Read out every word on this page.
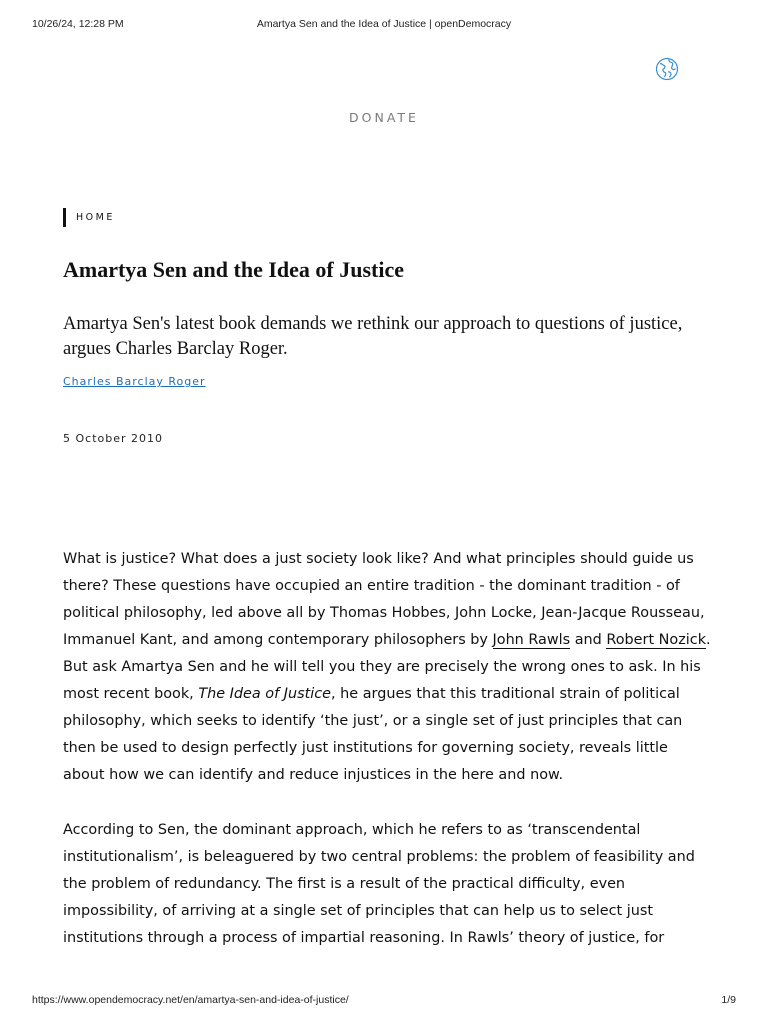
10/26/24, 12:28 PM	Amartya Sen and the Idea of Justice | openDemocracy
DONATE
HOME
Amartya Sen and the Idea of Justice

Amartya Sen's latest book demands we rethink our approach to questions of justice, argues Charles Barclay Roger.

Charles Barclay Roger
5 October 2010

What is justice? What does a just society look like? And what principles should guide us there? These questions have occupied an entire tradition - the dominant tradition - of political philosophy, led above all by Thomas Hobbes, John Locke, Jean-Jacque Rousseau, Immanuel Kant, and among contemporary philosophers by John Rawls and Robert Nozick. But ask Amartya Sen and he will tell you they are precisely the wrong ones to ask. In his most recent book, The Idea of Justice, he argues that this traditional strain of political philosophy, which seeks to identify ‘the just’, or a single set of just principles that can then be used to design perfectly just institutions for governing society, reveals little about how we can identify and reduce injustices in the here and now.

According to Sen, the dominant approach, which he refers to as ‘transcendental institutionalism’, is beleaguered by two central problems: the problem of feasibility and the problem of redundancy. The first is a result of the practical difficulty, even impossibility, of arriving at a single set of principles that can help us to select just institutions through a process of impartial reasoning. In Rawls’ theory of justice, for

https://www.opendemocracy.net/en/amartya-sen-and-idea-of-justice/	1/9
